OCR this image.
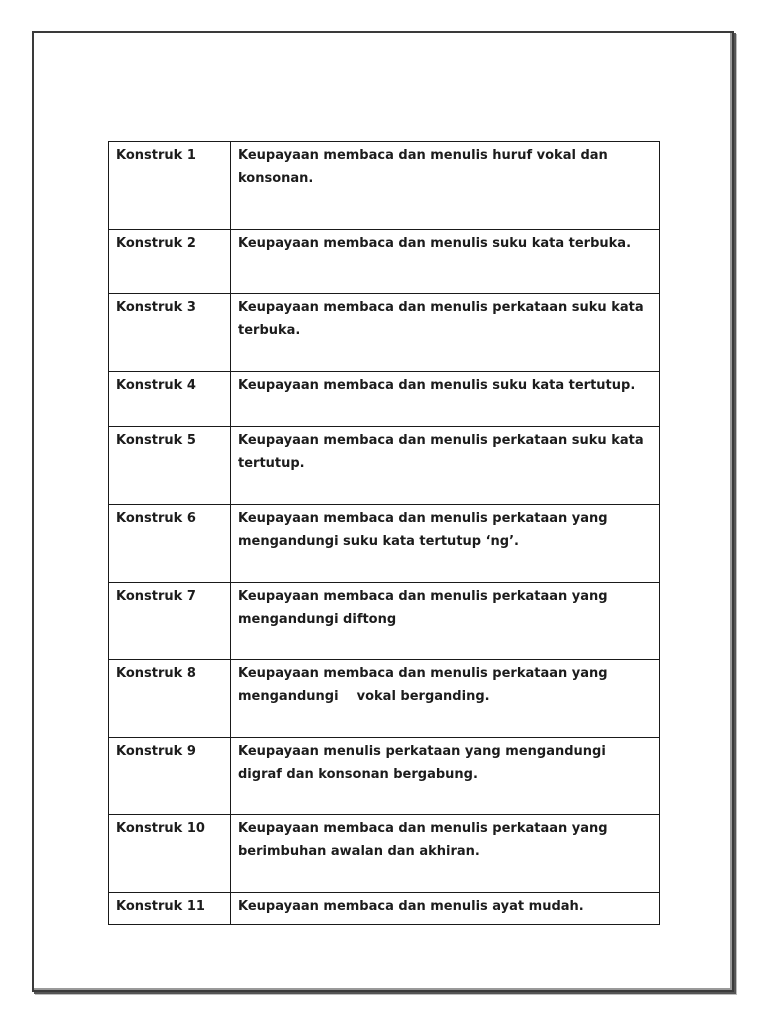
Konstruk 1	Keupayaan membaca dan menulis huruf vokal dan konsonan.
Konstruk 2	Keupayaan membaca dan menulis suku kata terbuka.
Konstruk 3	Keupayaan membaca dan menulis perkataan suku kata terbuka.
Konstruk 4	Keupayaan membaca dan menulis suku kata tertutup.
Konstruk 5	Keupayaan membaca dan menulis perkataan suku kata tertutup.
Konstruk 6	Keupayaan membaca dan menulis perkataan yang mengandungi suku kata tertutup ‘ng’.
Konstruk 7	Keupayaan membaca dan menulis perkataan yang mengandungi diftong
Konstruk 8	Keupayaan membaca dan menulis perkataan yang mengandungi    vokal berganding.
Konstruk 9	Keupayaan menulis perkataan yang mengandungi digraf dan konsonan bergabung.
Konstruk 10	Keupayaan membaca dan menulis perkataan yang berimbuhan awalan dan akhiran.
Konstruk 11	Keupayaan membaca dan menulis ayat mudah.
